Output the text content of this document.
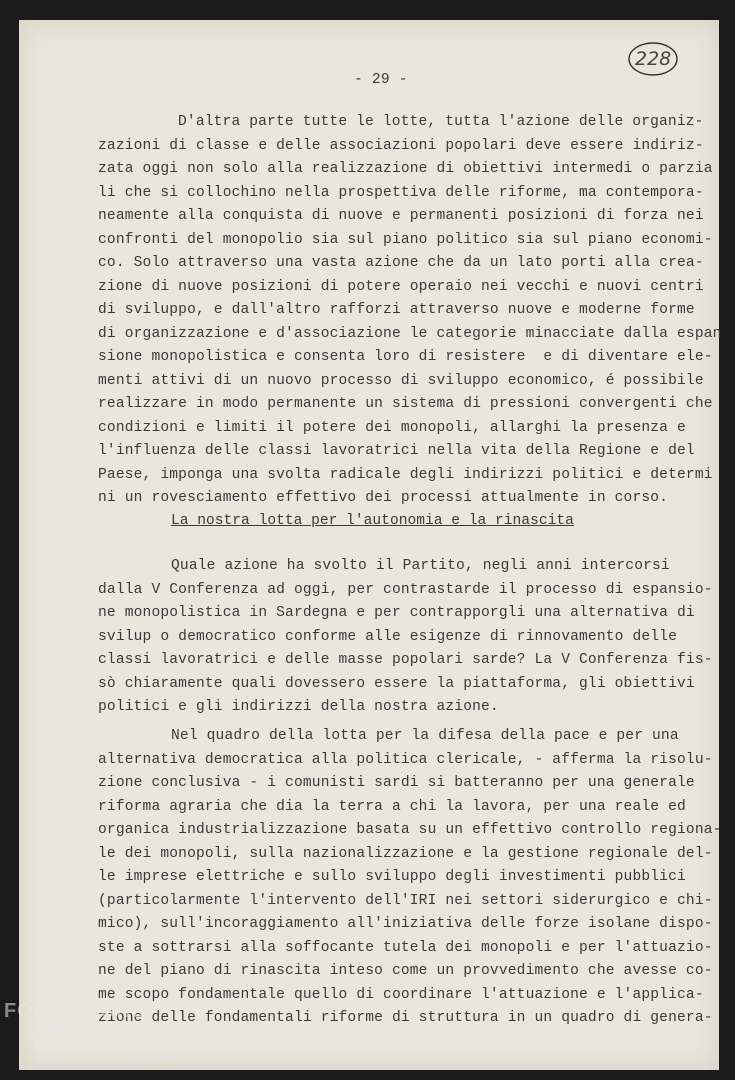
- 29 -
228
D'altra parte tutte le lotte, tutta l'azione delle organiz-
zazioni di classe e delle associazioni popolari deve essere indiriz-
zata oggi non solo alla realizzazione di obiettivi intermedi o parzia
li che si collochino nella prospettiva delle riforme, ma contempora-
neamente alla conquista di nuove e permanenti posizioni di forza nei
confronti del monopolio sia sul piano politico sia sul piano economi-
co. Solo attraverso una vasta azione che da un lato porti alla crea-
zione di nuove posizioni di potere operaio nei vecchi e nuovi centri
di sviluppo, e dall'altro rafforzi attraverso nuove e moderne forme
di organizzazione e d'associazione le categorie minacciate dalla espan
sione monopolistica e consenta loro di resistere  e di diventare ele-
menti attivi di un nuovo processo di sviluppo economico, é possibile
realizzare in modo permanente un sistema di pressioni convergenti che
condizioni e limiti il potere dei monopoli, allarghi la presenza e
l'influenza delle classi lavoratrici nella vita della Regione e del
Paese, imponga una svolta radicale degli indirizzi politici e determi
ni un rovesciamento effettivo dei processi attualmente in corso.
Quale azione ha svolto il Partito, negli anni intercorsi
dalla V Conferenza ad oggi, per contrastarde il processo di espansio-
ne monopolistica in Sardegna e per contrapporgli una alternativa di
svilup o democratico conforme alle esigenze di rinnovamento delle
classi lavoratrici e delle masse popolari sarde? La V Conferenza fis-
sò chiaramente quali dovessero essere la piattaforma, gli obiettivi
politici e gli indirizzi della nostra azione.
Nel quadro della lotta per la difesa della pace e per una
alternativa democratica alla politica clericale, - afferma la risolu-
zione conclusiva - i comunisti sardi si batteranno per una generale
riforma agraria che dia la terra a chi la lavora, per una reale ed
organica industrializzazione basata su un effettivo controllo regiona-
le dei monopoli, sulla nazionalizzazione e la gestione regionale del-
le imprese elettriche e sullo sviluppo degli investimenti pubblici
(particolarmente l'intervento dell'IRI nei settori siderurgico e chi-
mico), sull'incoraggiamento all'iniziativa delle forze isolane dispo-
ste a sottrarsi alla soffocante tutela dei monopoli e per l'attuazio-
ne del piano di rinascita inteso come un provvedimento che avesse co-
me scopo fondamentale quello di coordinare l'attuazione e l'applica-
zione delle fondamentali riforme di struttura in un quadro di genera-
La nostra lotta per l'autonomia e la rinascita
FONDAZIONE
RAMSCI
onlus
